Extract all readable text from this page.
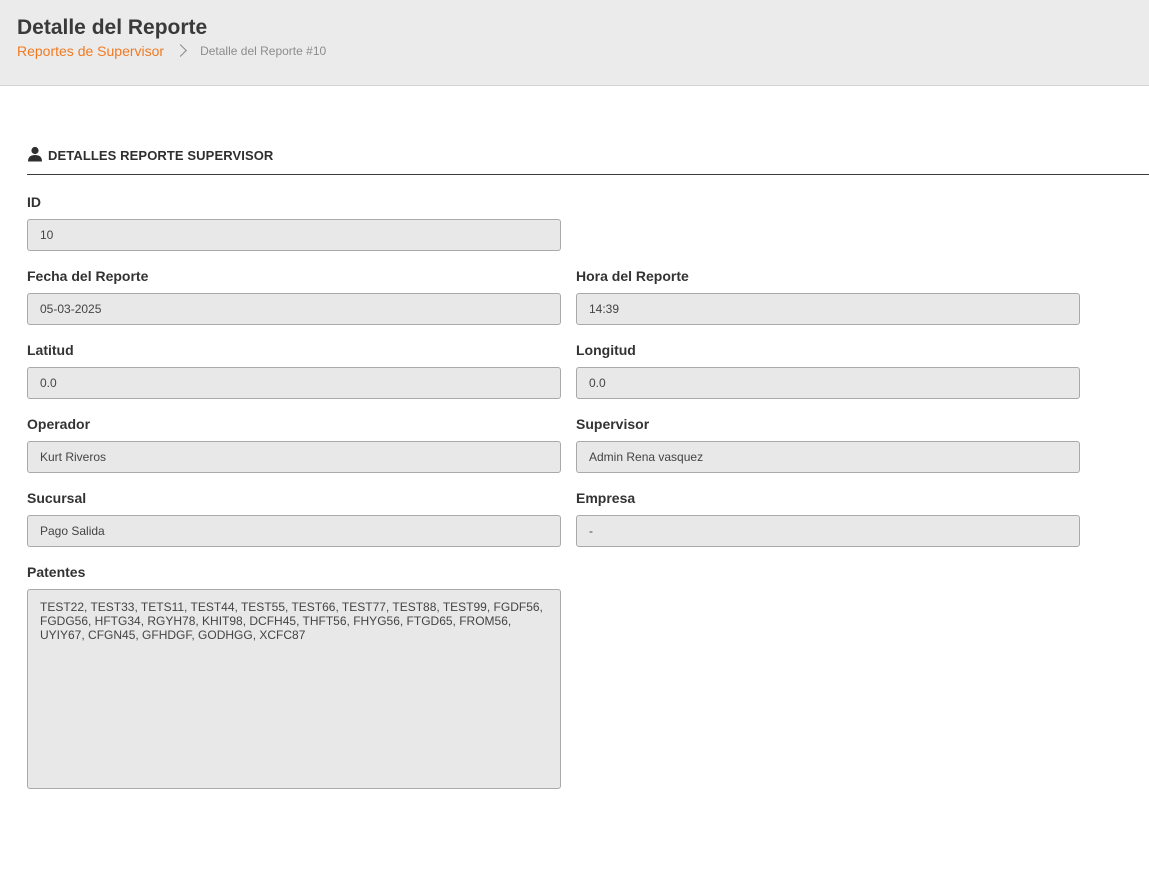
Detalle del Reporte
Reportes de Supervisor	Detalle del Reporte #10
DETALLES REPORTE SUPERVISOR
ID
10
Fecha del Reporte
05-03-2025
Hora del Reporte
14:39
Latitud
0.0
Longitud
0.0
Operador
Kurt Riveros
Supervisor
Admin Rena vasquez
Sucursal
Pago Salida
Empresa
-
Patentes
TEST22, TEST33, TETS11, TEST44, TEST55, TEST66, TEST77, TEST88, TEST99, FGDF56, FGDG56, HFTG34, RGYH78, KHIT98, DCFH45, THFT56, FHYG56, FTGD65, FROM56, UYIY67, CFGN45, GFHDGF, GODHGG, XCFC87
